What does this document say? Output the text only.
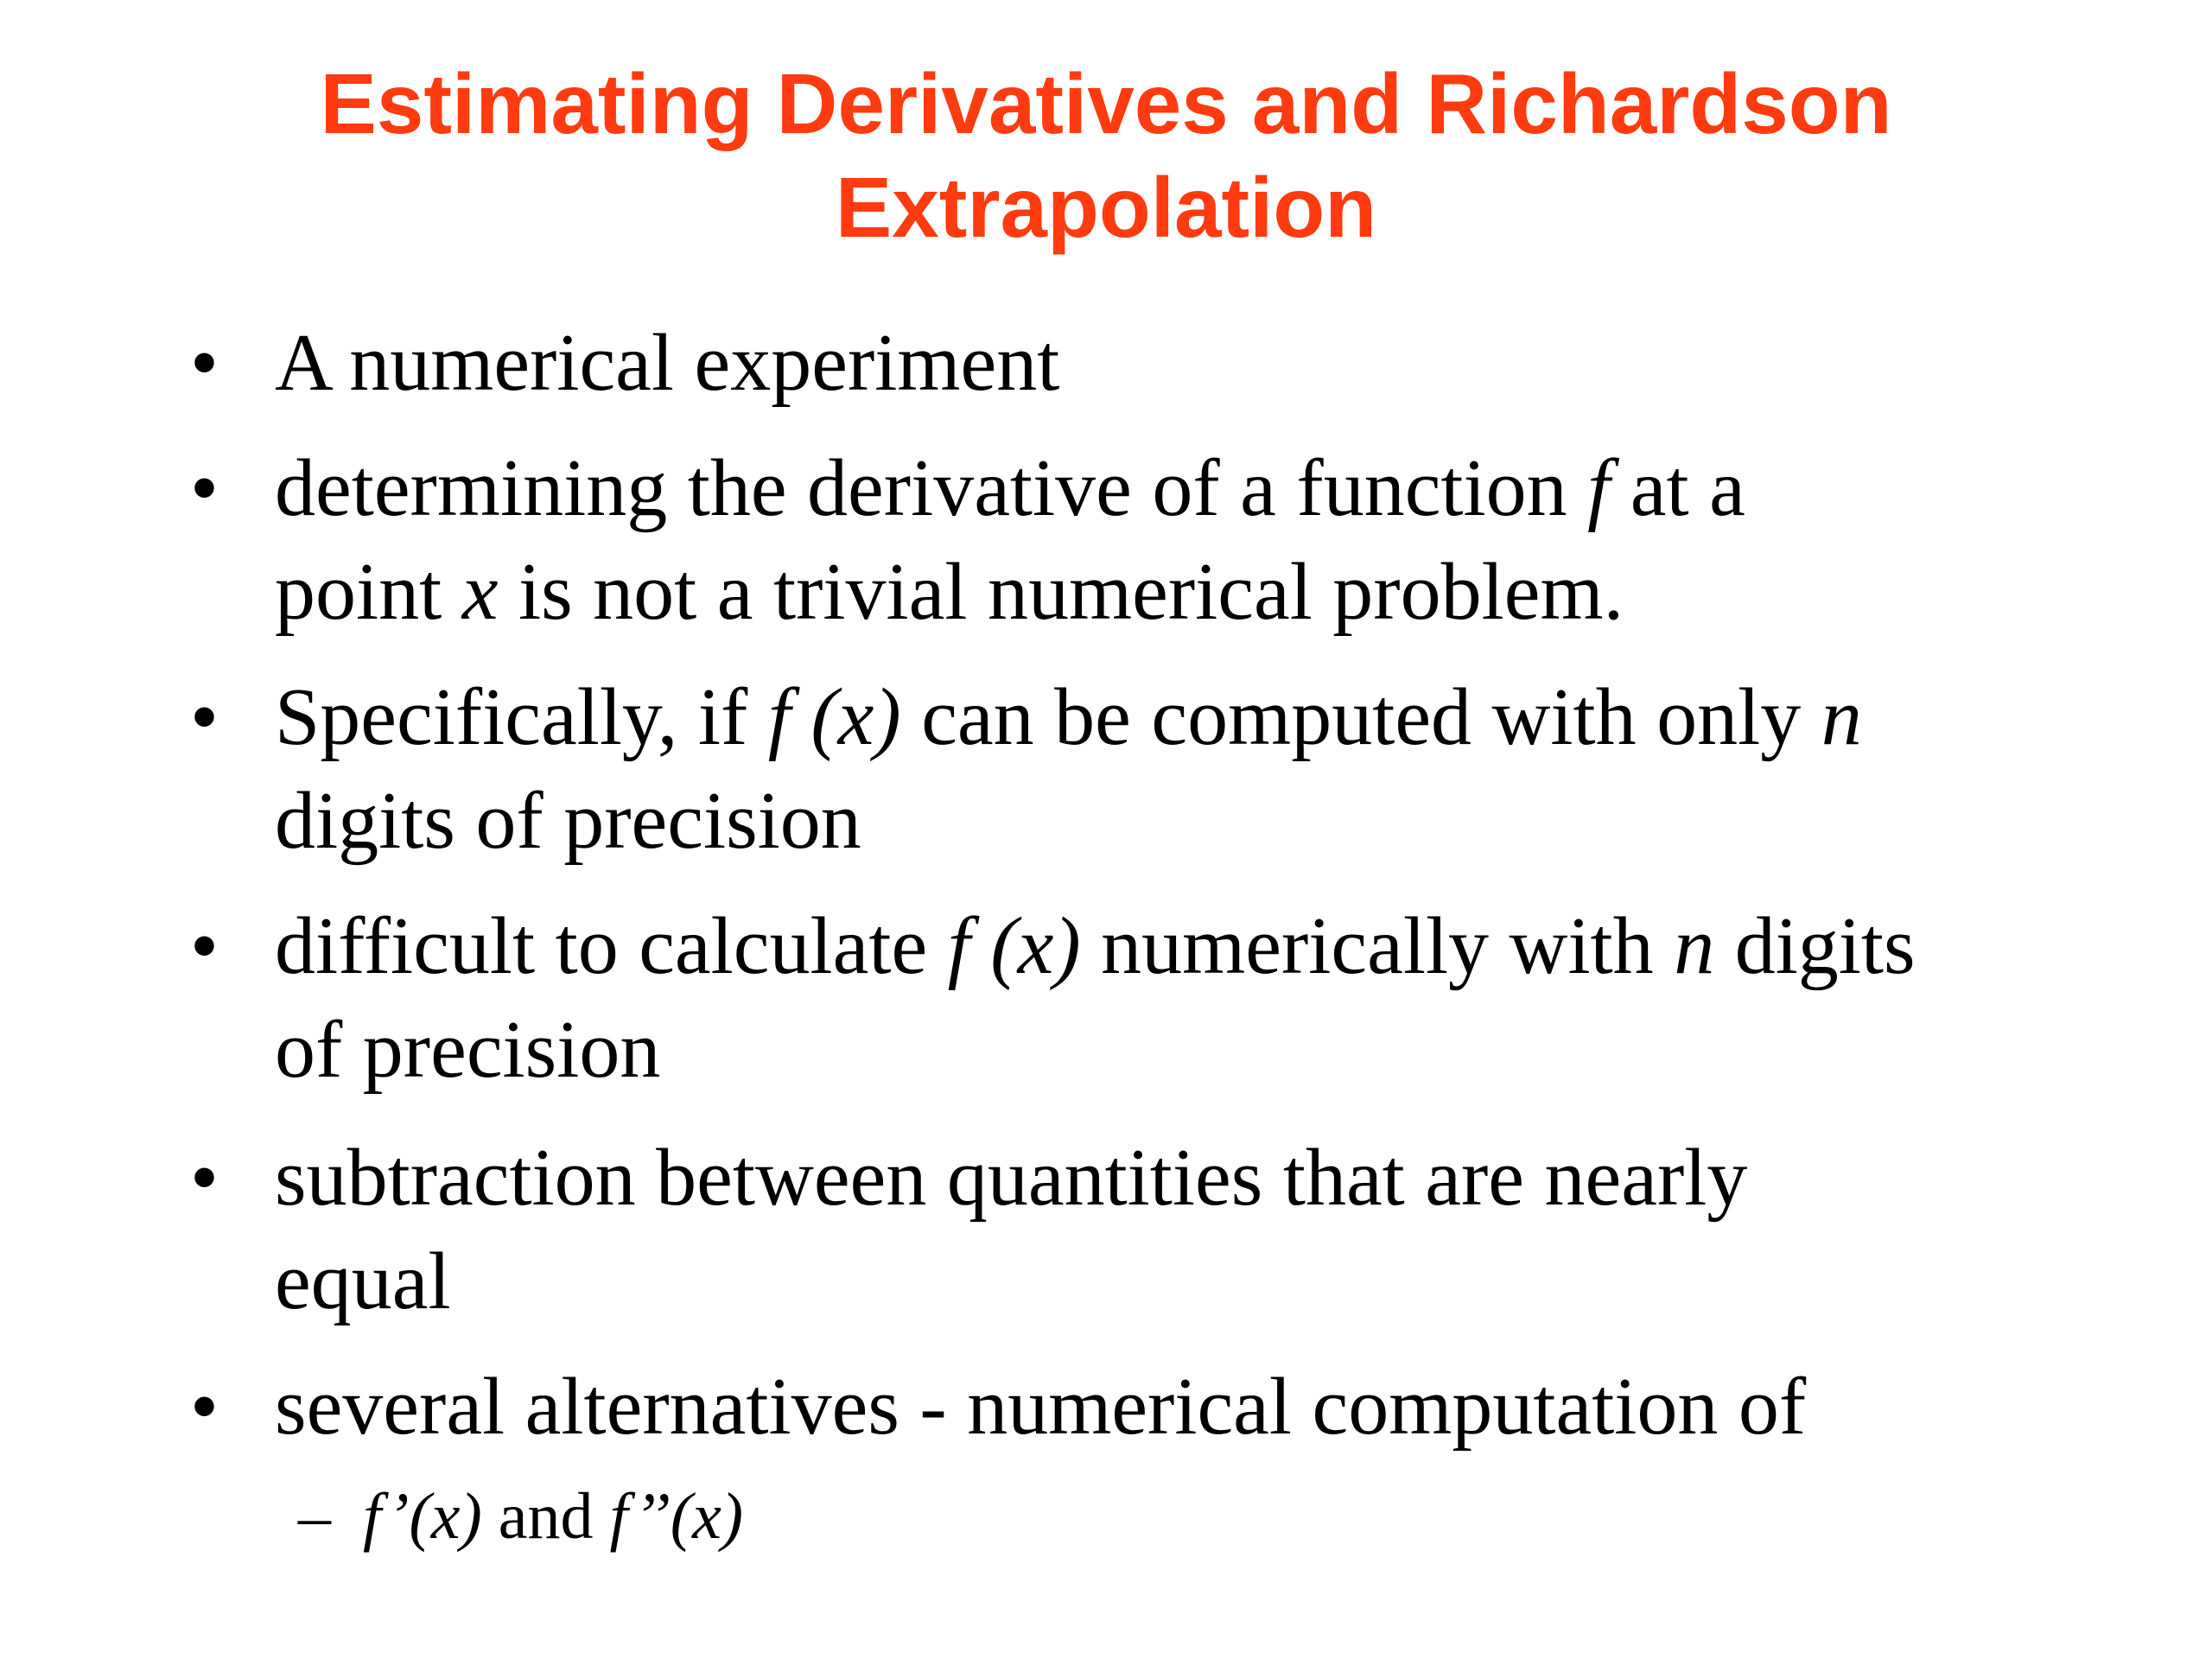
Estimating Derivatives and Richardson
Extrapolation
• A numerical experiment
• determining the derivative of a function f at a
point x is not a trivial numerical problem.
• Specifically, if f (x) can be computed with only n
digits of precision
• difficult to calculate f (x) numerically with n digits
of precision
• subtraction between quantities that are nearly
equal
• several alternatives - numerical computation of
– f’(x) and f’’(x)
